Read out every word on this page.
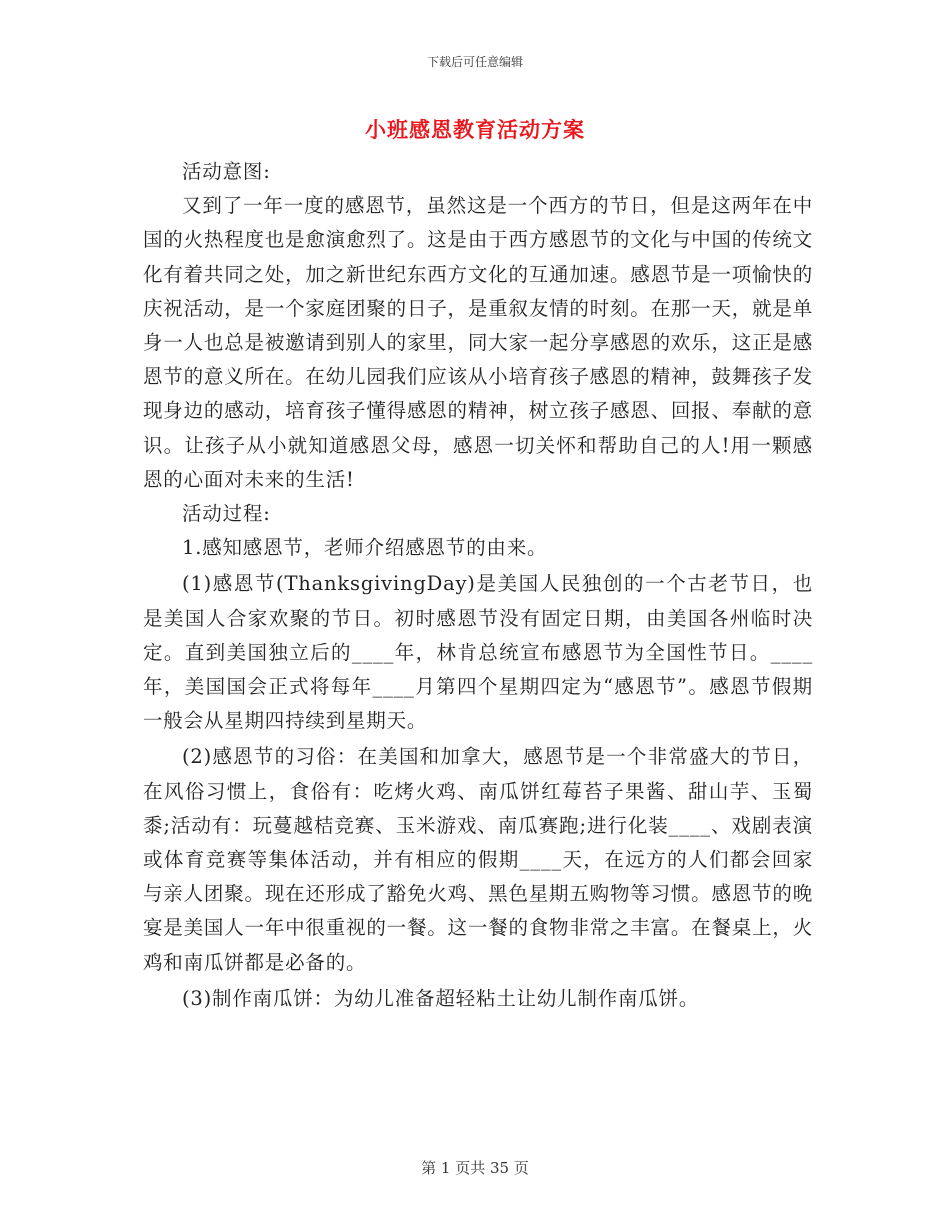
下载后可任意编辑
小班感恩教育活动方案

活动意图:

又到了一年一度的感恩节，虽然这是一个西方的节日，但是这两年在中国的火热程度也是愈演愈烈了。这是由于西方感恩节的文化与中国的传统文化有着共同之处，加之新世纪东西方文化的互通加速。感恩节是一项愉快的庆祝活动，是一个家庭团聚的日子，是重叙友情的时刻。在那一天，就是单身一人也总是被邀请到别人的家里，同大家一起分享感恩的欢乐，这正是感恩节的意义所在。在幼儿园我们应该从小培育孩子感恩的精神，鼓舞孩子发现身边的感动，培育孩子懂得感恩的精神，树立孩子感恩、回报、奉献的意识。让孩子从小就知道感恩父母，感恩一切关怀和帮助自己的人!用一颗感恩的心面对未来的生活!

活动过程:

1.感知感恩节，老师介绍感恩节的由来。

(1)感恩节(ThanksgivingDay)是美国人民独创的一个古老节日，也是美国人合家欢聚的节日。初时感恩节没有固定日期，由美国各州临时决定。直到美国独立后的____年，林肯总统宣布感恩节为全国性节日。____年，美国国会正式将每年____月第四个星期四定为“感恩节”。感恩节假期一般会从星期四持续到星期天。

(2)感恩节的习俗：在美国和加拿大，感恩节是一个非常盛大的节日，在风俗习惯上，食俗有：吃烤火鸡、南瓜饼红莓苔子果酱、甜山芋、玉蜀黍;活动有：玩蔓越桔竞赛、玉米游戏、南瓜赛跑;进行化装____、戏剧表演或体育竞赛等集体活动，并有相应的假期____天，在远方的人们都会回家与亲人团聚。现在还形成了豁免火鸡、黑色星期五购物等习惯。感恩节的晚宴是美国人一年中很重视的一餐。这一餐的食物非常之丰富。在餐桌上，火鸡和南瓜饼都是必备的。

(3)制作南瓜饼：为幼儿准备超轻粘土让幼儿制作南瓜饼。

第 1 页共 35 页
